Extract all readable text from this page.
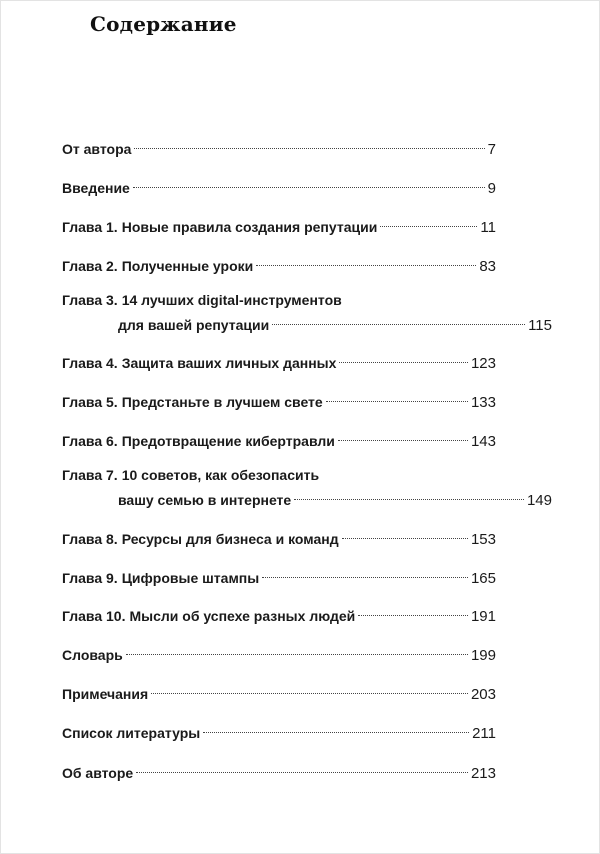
Содержание
От автора	7
Введение	9
Глава 1. Новые правила создания репутации	11
Глава 2. Полученные уроки	83
Глава 3. 14 лучших digital-инструментов
для вашей репутации	115
Глава 4. Защита ваших личных данных	123
Глава 5. Предстаньте в лучшем свете	133
Глава 6. Предотвращение кибертравли	143
Глава 7. 10 советов, как обезопасить
вашу семью в интернете	149
Глава 8. Ресурсы для бизнеса и команд	153
Глава 9. Цифровые штампы	165
Глава 10. Мысли об успехе разных людей	191
Словарь	199
Примечания	203
Список литературы	211
Об авторе	213
